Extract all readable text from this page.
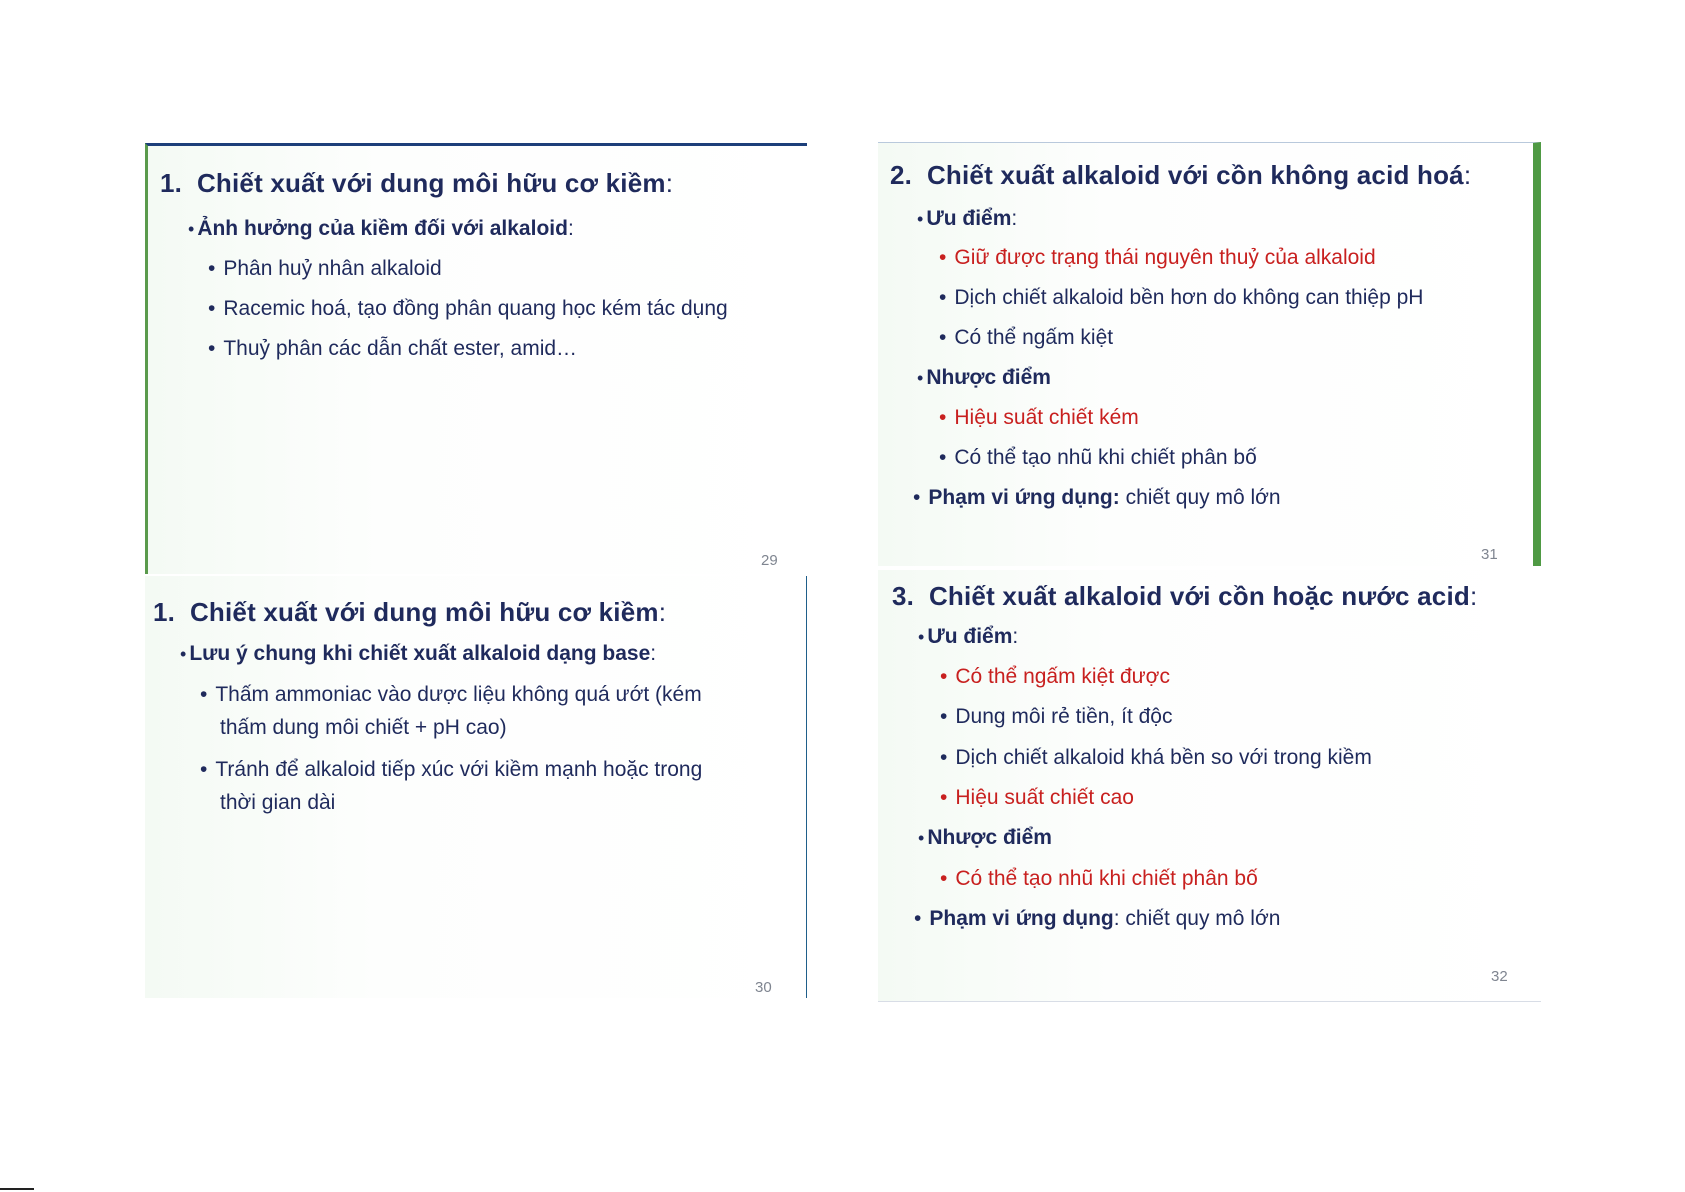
1. Chiết xuất với dung môi hữu cơ kiềm:
• Ảnh hưởng của kiềm đối với alkaloid:
• Phân huỷ nhân alkaloid
• Racemic hoá, tạo đồng phân quang học kém tác dụng
• Thuỷ phân các dẫn chất ester, amid…
29
1. Chiết xuất với dung môi hữu cơ kiềm:
• Lưu ý chung khi chiết xuất alkaloid dạng base:
• Thấm ammoniac vào dược liệu không quá ướt (kém
thấm dung môi chiết + pH cao)
• Tránh để alkaloid tiếp xúc với kiềm mạnh hoặc trong
thời gian dài
30
2. Chiết xuất alkaloid với cồn không acid hoá:
• Ưu điểm:
• Giữ được trạng thái nguyên thuỷ của alkaloid
• Dịch chiết alkaloid bền hơn do không can thiệp pH
• Có thể ngấm kiệt
• Nhược điểm
• Hiệu suất chiết kém
• Có thể tạo nhũ khi chiết phân bố
• Phạm vi ứng dụng: chiết quy mô lớn
31
3. Chiết xuất alkaloid với cồn hoặc nước acid:
• Ưu điểm:
• Có thể ngấm kiệt được
• Dung môi rẻ tiền, ít độc
• Dịch chiết alkaloid khá bền so với trong kiềm
• Hiệu suất chiết cao
• Nhược điểm
• Có thể tạo nhũ khi chiết phân bố
• Phạm vi ứng dụng: chiết quy mô lớn
32
